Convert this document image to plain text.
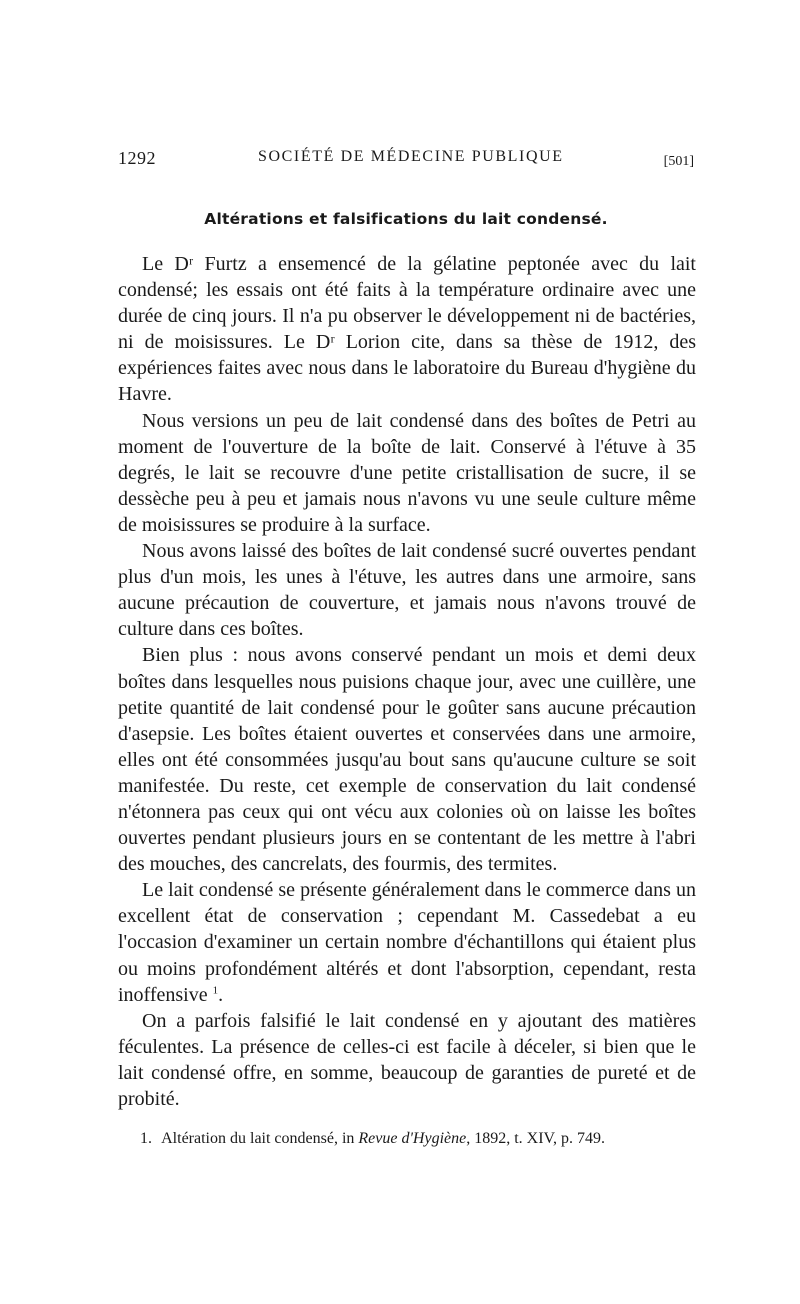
1292	SOCIÉTÉ DE MÉDECINE PUBLIQUE	[501]
Altérations et falsifications du lait condensé.

Le Dʳ Furtz a ensemencé de la gélatine peptonée avec du lait condensé; les essais ont été faits à la température ordinaire avec une durée de cinq jours. Il n'a pu observer le développement ni de bactéries, ni de moisissures. Le Dʳ Lorion cite, dans sa thèse de 1912, des expériences faites avec nous dans le laboratoire du Bureau d'hygiène du Havre.

Nous versions un peu de lait condensé dans des boîtes de Petri au moment de l'ouverture de la boîte de lait. Conservé à l'étuve à 35 degrés, le lait se recouvre d'une petite cristallisation de sucre, il se dessèche peu à peu et jamais nous n'avons vu une seule culture même de moisissures se produire à la surface.

Nous avons laissé des boîtes de lait condensé sucré ouvertes pendant plus d'un mois, les unes à l'étuve, les autres dans une armoire, sans aucune précaution de couverture, et jamais nous n'avons trouvé de culture dans ces boîtes.

Bien plus : nous avons conservé pendant un mois et demi deux boîtes dans lesquelles nous puisions chaque jour, avec une cuillère, une petite quantité de lait condensé pour le goûter sans aucune précaution d'asepsie. Les boîtes étaient ouvertes et conservées dans une armoire, elles ont été consommées jusqu'au bout sans qu'aucune culture se soit manifestée. Du reste, cet exemple de conservation du lait condensé n'étonnera pas ceux qui ont vécu aux colonies où on laisse les boîtes ouvertes pendant plusieurs jours en se contentant de les mettre à l'abri des mouches, des cancrelats, des fourmis, des termites.

Le lait condensé se présente généralement dans le commerce dans un excellent état de conservation ; cependant M. Cassedebat a eu l'occasion d'examiner un certain nombre d'échantillons qui étaient plus ou moins profondément altérés et dont l'absorption, cependant, resta inoffensive $^1$.

On a parfois falsifié le lait condensé en y ajoutant des matières féculentes. La présence de celles-ci est facile à déceler, si bien que le lait condensé offre, en somme, beaucoup de garanties de pureté et de probité.

1. Altération du lait condensé, in Revue d'Hygiène, 1892, t. XIV, p. 749.
